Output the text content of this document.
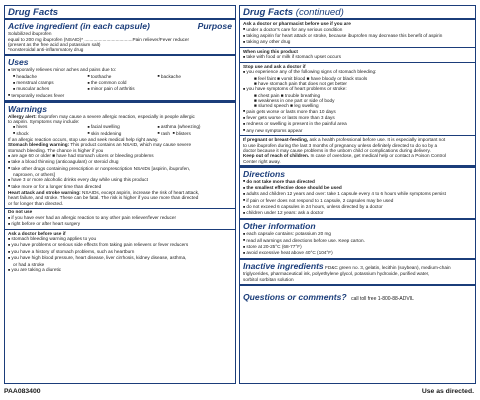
Drug Facts
Active ingredient (in each capsule)	Purpose
Solubilized ibuprofen
equal to 200 mg ibuprofen (NSAID)* .....................................Pain reliever/Fever reducer
(present as the free acid and potassium salt)
*nonsteroidal anti-inflammatory drug
Uses
■ temporarily relieves minor aches and pains due to:
■ headache	■ toothache	■ backache
■ menstrual cramps	■ the common cold
■ muscular aches	■ minor pain of arthritis
■ temporarily reduces fever
Warnings
Allergy alert: Ibuprofen may cause a severe allergic reaction, especially in people allergic
to aspirin. Symptoms may include:
■ hives	■ facial swelling	■ asthma (wheezing)
■ shock	■ skin reddening	■ rash ■ blisters
If an allergic reaction occurs, stop use and seek medical help right away.
Stomach bleeding warning: This product contains an NSAID, which may cause severe
stomach bleeding. The chance is higher if you
■ are age 60 or older ■ have had stomach ulcers or bleeding problems
■ take a blood thinning (anticoagulant) or steroid drug
■ take other drugs containing prescription or nonprescription NSAIDs [aspirin, ibuprofen,
naproxen, or others]
■ have 3 or more alcoholic drinks every day while using this product
■ take more or for a longer time than directed
Heart attack and stroke warning: NSAIDs, except aspirin, increase the risk of heart attack,
heart failure, and stroke. These can be fatal. The risk is higher if you use more than directed
or for longer than directed.
Do not use
■ if you have ever had an allergic reaction to any other pain reliever/fever reducer
■ right before or after heart surgery
Ask a doctor before use if
■ stomach bleeding warning applies to you
■ you have problems or serious side effects from taking pain relievers or fever reducers
■ you have a history of stomach problems, such as heartburn
■ you have high blood pressure, heart disease, liver cirrhosis, kidney disease, asthma,
or had a stroke
■ you are taking a diuretic
Drug Facts (continued)
Ask a doctor or pharmacist before use if you are
■ under a doctor's care for any serious condition
■ taking aspirin for heart attack or stroke, because ibuprofen may decrease this benefit of aspirin
■ taking any other drug
When using this product
■ take with food or milk if stomach upset occurs
Stop use and ask a doctor if
■ you experience any of the following signs of stomach bleeding:
■ feel faint ■ vomit blood ■ have bloody or black stools
■ have stomach pain that does not get better
■ you have symptoms of heart problems or stroke:
■ chest pain ■ trouble breathing
■ weakness in one part or side of body
■ slurred speech ■ leg swelling
■ pain gets worse or lasts more than 10 days
■ fever gets worse or lasts more than 3 days
■ redness or swelling is present in the painful area
■ any new symptoms appear
If pregnant or breast-feeding, ask a health professional before use. It is especially important not
to use ibuprofen during the last 3 months of pregnancy unless definitely directed to do so by a
doctor because it may cause problems in the unborn child or complications during delivery.
Keep out of reach of children. In case of overdose, get medical help or contact a Poison Control
Center right away.
Directions
■ do not take more than directed
■ the smallest effective dose should be used
■ adults and children 12 years and over: take 1 capsule every 4 to 6 hours while symptoms persist
■ if pain or fever does not respond to 1 capsule, 2 capsules may be used
■ do not exceed 6 capsules in 24 hours, unless directed by a doctor
■ children under 12 years: ask a doctor
Other information
■ each capsule contains: potassium 20 mg
■ read all warnings and directions before use. Keep carton.
■ store at 20-25°C (68-77°F)
■ avoid excessive heat above 40°C (104°F)
Inactive ingredients FD&C green no. 3, gelatin, lecithin (soybean), medium-chain
triglycerides, pharmaceutical ink, polyethylene glycol, potassium hydroxide, purified water,
sorbitol sorbitan solution
Questions or comments? call toll free 1-800-88-ADVIL
PAA083400	Use as directed.
